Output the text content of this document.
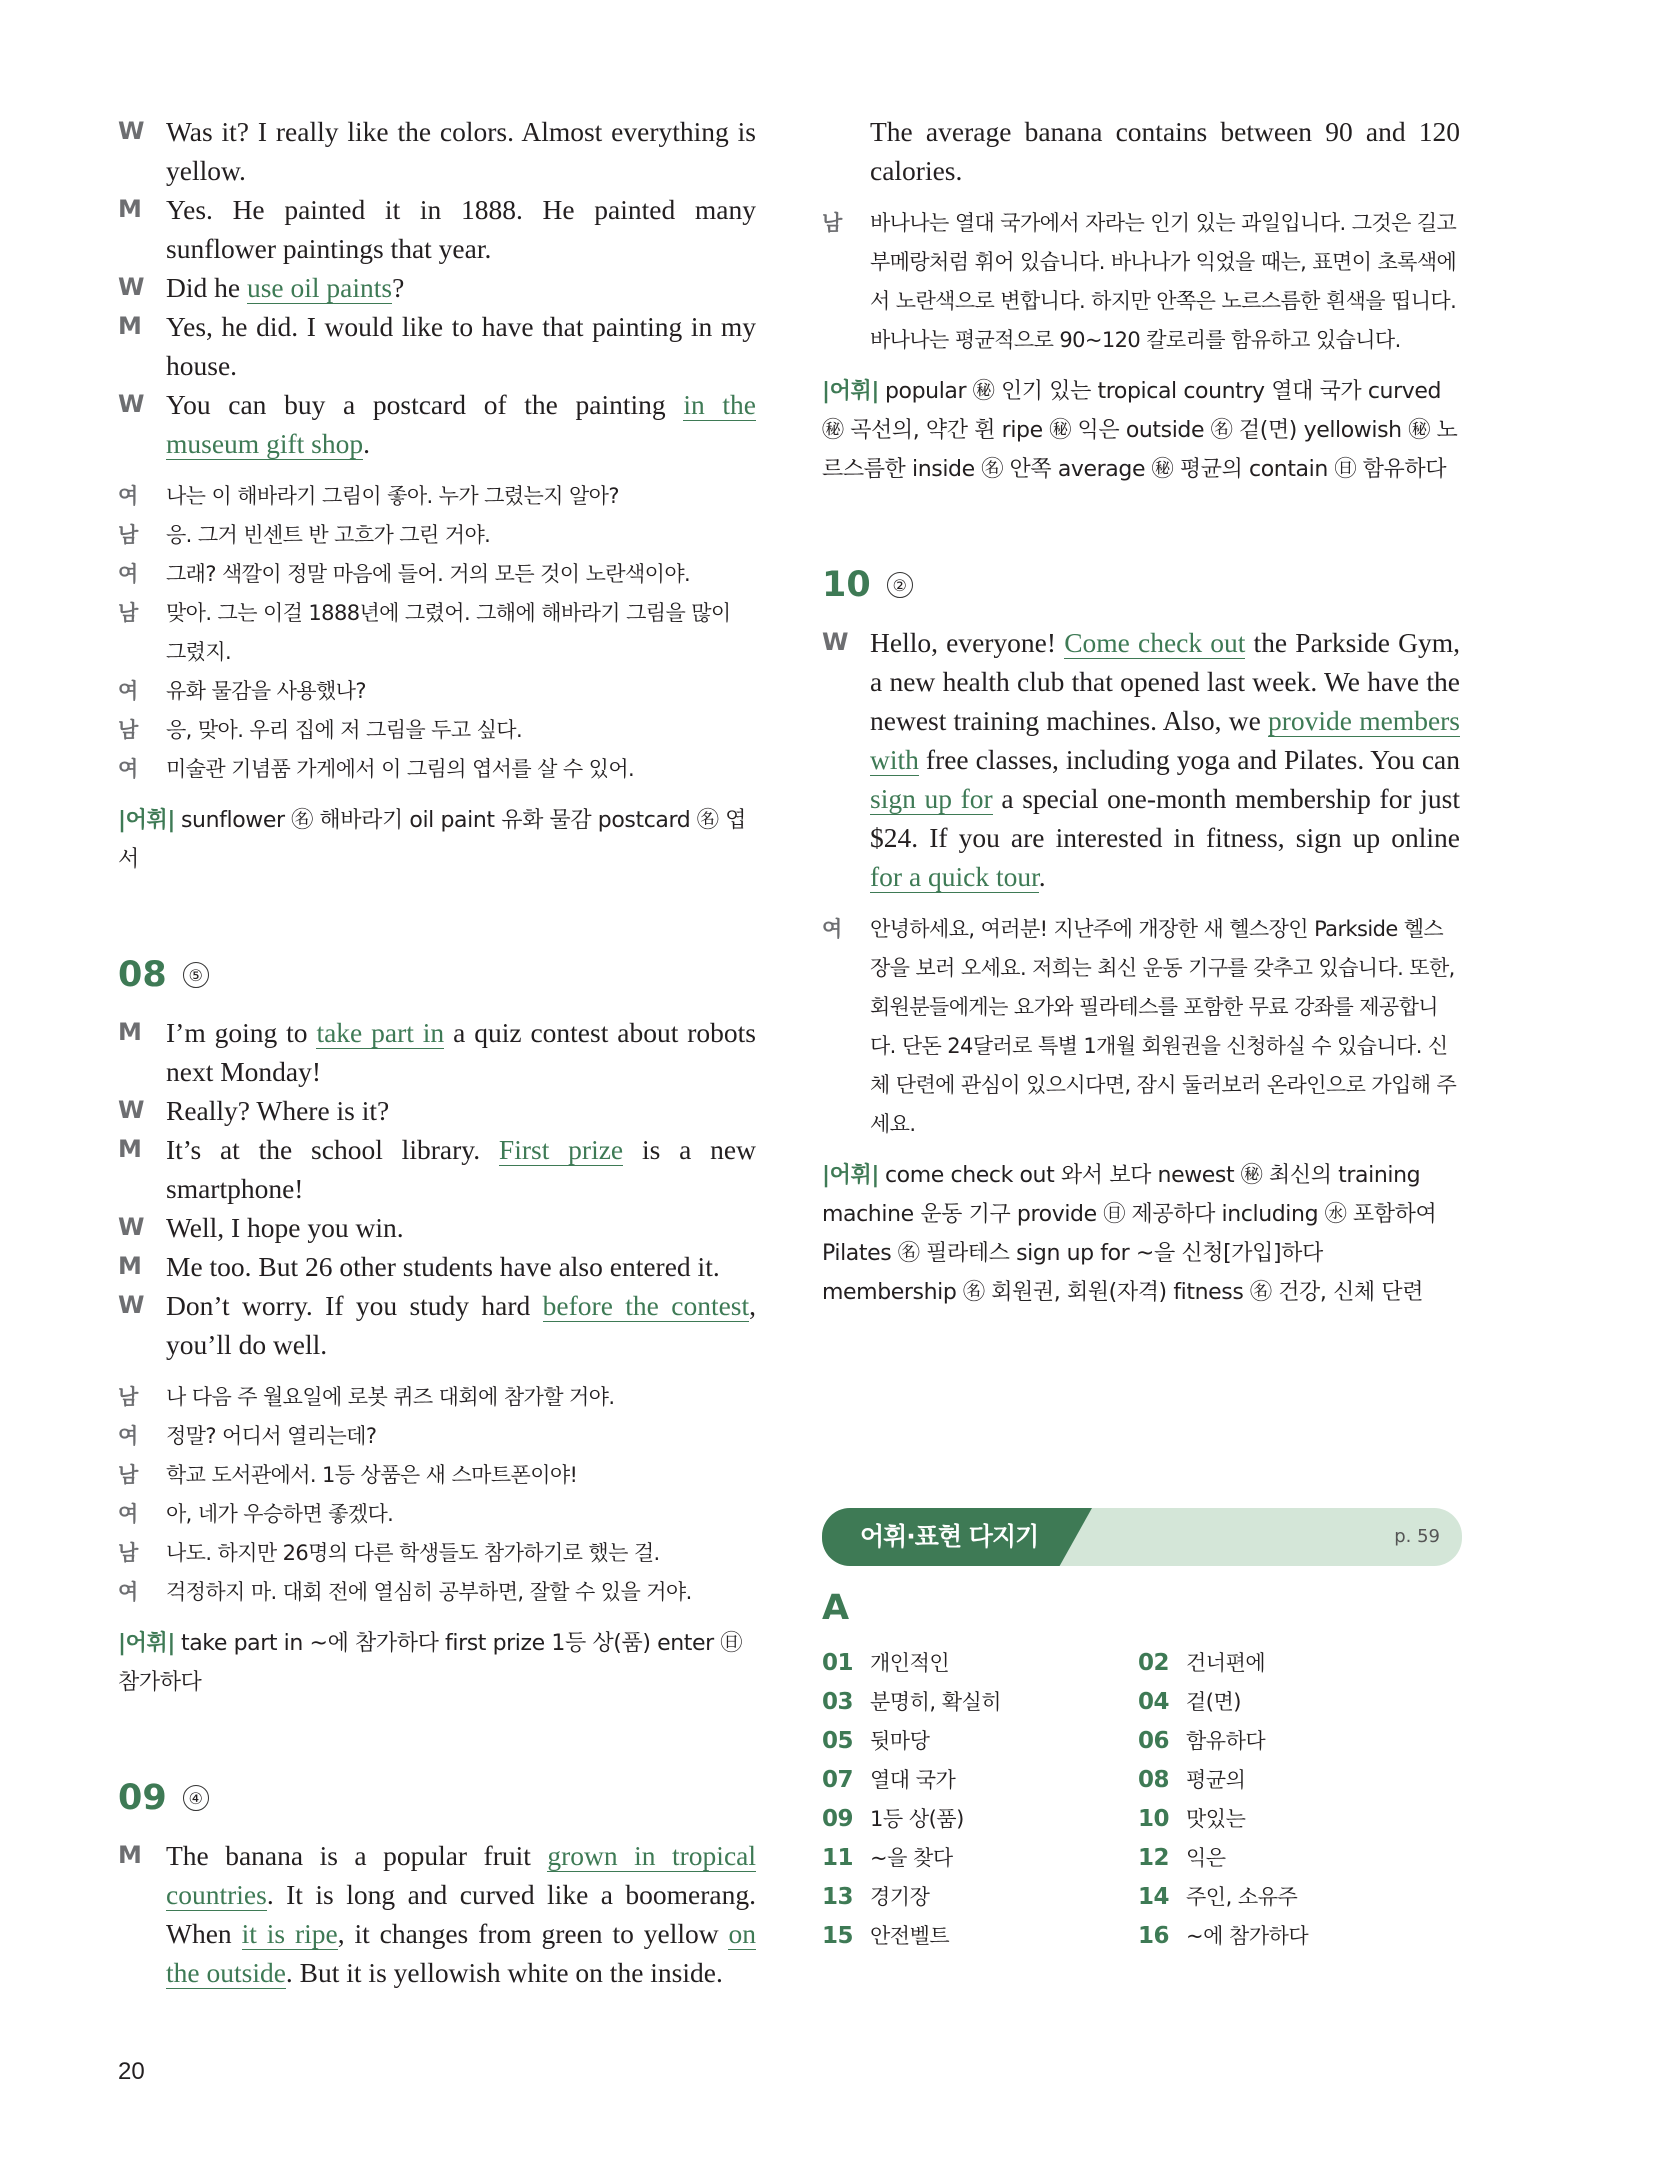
W Was it? I really like the colors. Almost everything is yellow.
M Yes. He painted it in 1888. He painted many sunflower paintings that year.
W Did he use oil paints?
M Yes, he did. I would like to have that painting in my house.
W You can buy a postcard of the painting in the museum gift shop.
여	나는 이 해바라기 그림이 좋아. 누가 그렸는지 알아?
남	응. 그거 빈센트 반 고흐가 그린 거야.
여	그래? 색깔이 정말 마음에 들어. 거의 모든 것이 노란색이야.
남	맞아. 그는 이걸 1888년에 그렸어. 그해에 해바라기 그림을 많이 그렸지.
여	유화 물감을 사용했나?
남	응, 맞아. 우리 집에 저 그림을 두고 싶다.
여	미술관 기념품 가게에서 이 그림의 엽서를 살 수 있어.
|어휘| sunflower ㊔ 해바라기 oil paint 유화 물감 postcard ㊔ 엽서
08	⑤
M I’m going to take part in a quiz contest about robots next Monday!
W Really? Where is it?
M It’s at the school library. First prize is a new smartphone!
W Well, I hope you win.
M Me too. But 26 other students have also entered it.
W Don’t worry. If you study hard before the contest, you’ll do well.
남	나 다음 주 월요일에 로봇 퀴즈 대회에 참가할 거야.
여	정말? 어디서 열리는데?
남	학교 도서관에서. 1등 상품은 새 스마트폰이야!
여	아, 네가 우승하면 좋겠다.
남	나도. 하지만 26명의 다른 학생들도 참가하기로 했는 걸.
여	걱정하지 마. 대회 전에 열심히 공부하면, 잘할 수 있을 거야.
|어휘| take part in ~에 참가하다 first prize 1등 상(품) enter ㊐ 참가하다
09	④
M The banana is a popular fruit grown in tropical countries. It is long and curved like a boomerang. When it is ripe, it changes from green to yellow on the outside. But it is yellowish white on the inside.
The average banana contains between 90 and 120 calories.
남	바나나는 열대 국가에서 자라는 인기 있는 과일입니다. 그것은 길고 부메랑처럼 휘어 있습니다. 바나나가 익었을 때는, 표면이 초록색에서 노란색으로 변합니다. 하지만 안쪽은 노르스름한 흰색을 띱니다. 바나나는 평균적으로 90~120 칼로리를 함유하고 있습니다.
|어휘| popular ㊙ 인기 있는 tropical country 열대 국가 curved ㊙ 곡선의, 약간 휜 ripe ㊙ 익은 outside ㊔ 겉(면) yellowish ㊙ 노르스름한 inside ㊔ 안쪽 average ㊙ 평균의 contain ㊐ 함유하다
10	②
W Hello, everyone! Come check out the Parkside Gym, a new health club that opened last week. We have the newest training machines. Also, we provide members with free classes, including yoga and Pilates. You can sign up for a special one-month membership for just $24. If you are interested in fitness, sign up online for a quick tour.
여	안녕하세요, 여러분! 지난주에 개장한 새 헬스장인 Parkside 헬스장을 보러 오세요. 저희는 최신 운동 기구를 갖추고 있습니다. 또한, 회원분들에게는 요가와 필라테스를 포함한 무료 강좌를 제공합니다. 단돈 24달러로 특별 1개월 회원권을 신청하실 수 있습니다. 신체 단련에 관심이 있으시다면, 잠시 둘러보러 온라인으로 가입해 주세요.
|어휘| come check out 와서 보다 newest ㊙ 최신의 training machine 운동 기구 provide ㊐ 제공하다 including ㊌ 포함하여 Pilates ㊔ 필라테스 sign up for ~을 신청[가입]하다 membership ㊔ 회원권, 회원(자격) fitness ㊔ 건강, 신체 단련
어휘·표현 다지기	p. 59
A
01 개인적인	02 건너편에
03 분명히, 확실히	04 겉(면)
05 뒷마당	06 함유하다
07 열대 국가	08 평균의
09 1등 상(품)	10 맛있는
11 ~을 찾다	12 익은
13 경기장	14 주인, 소유주
15 안전벨트	16 ~에 참가하다
20
